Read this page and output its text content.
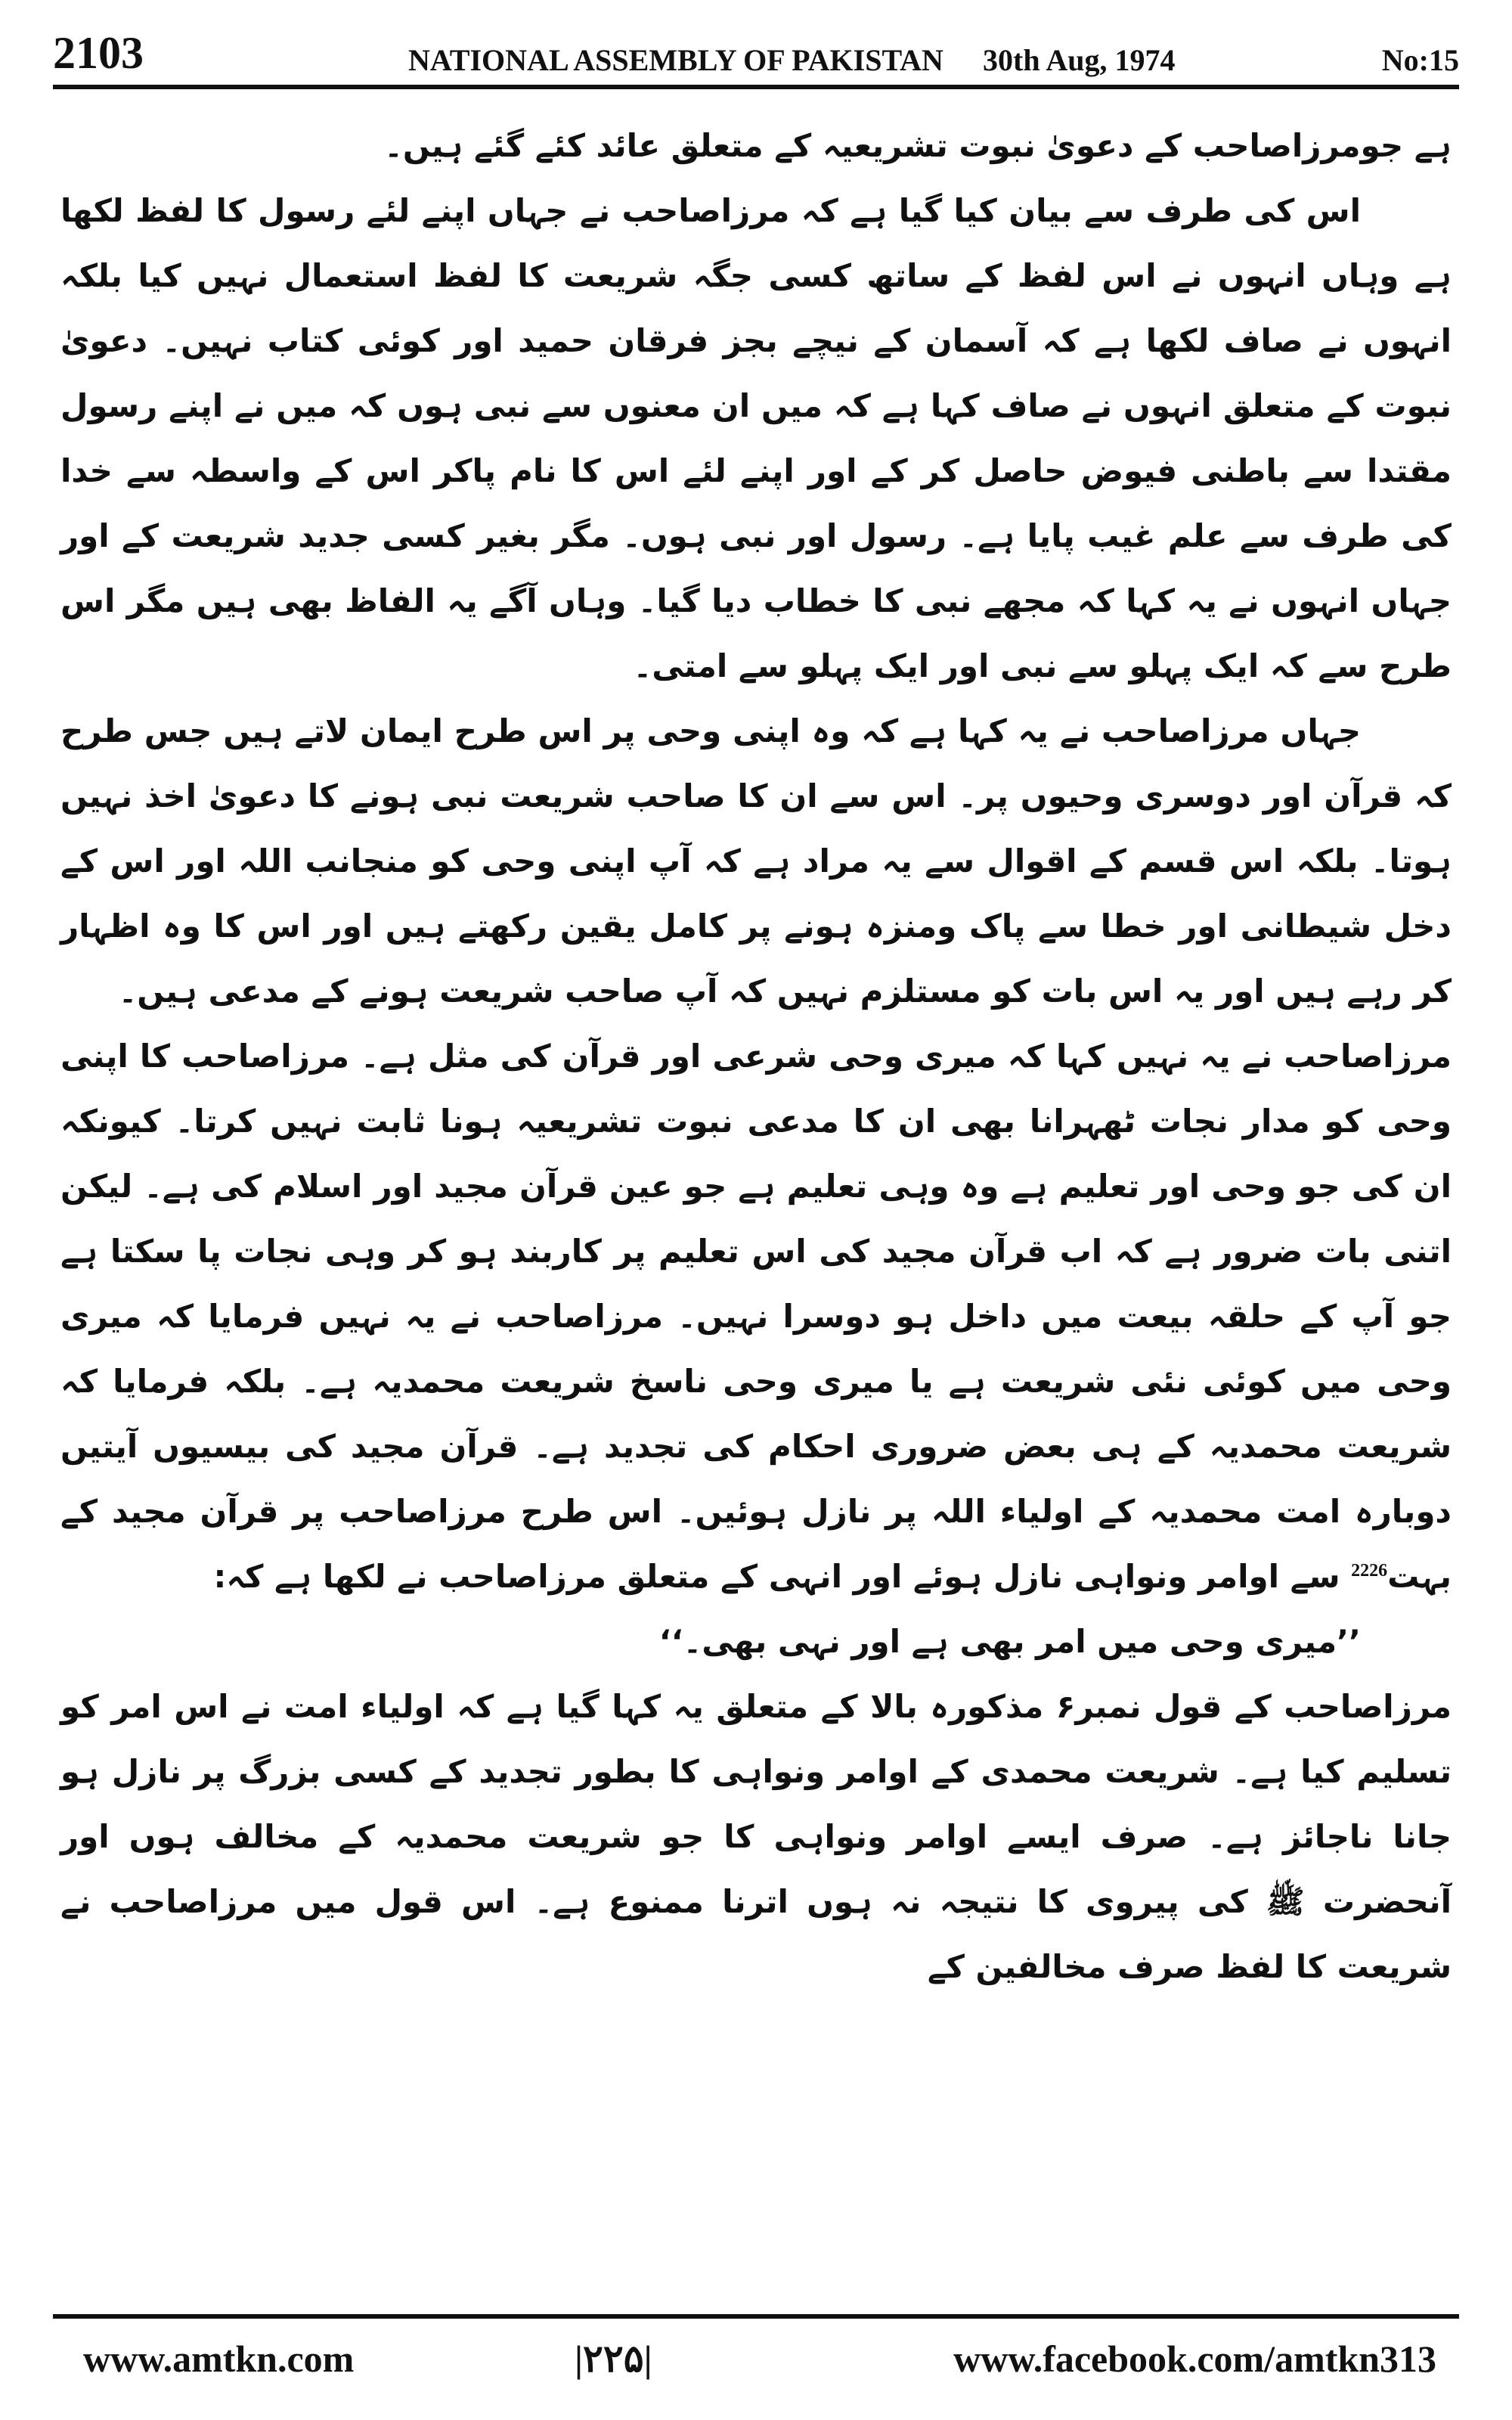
2103	NATIONAL ASSEMBLY OF PAKISTAN 30th Aug, 1974	No:15

ہے جومرزاصاحب کے دعویٰ نبوت تشریعیہ کے متعلق عائد کئے گئے ہیں۔

اس کی طرف سے بیان کیا گیا ہے کہ مرزاصاحب نے جہاں اپنے لئے رسول کا لفظ لکھا ہے وہاں انہوں نے اس لفظ کے ساتھ کسی جگہ شریعت کا لفظ استعمال نہیں کیا بلکہ انہوں نے صاف لکھا ہے کہ آسمان کے نیچے بجز فرقان حمید اور کوئی کتاب نہیں۔ دعویٰ نبوت کے متعلق انہوں نے صاف کہا ہے کہ میں ان معنوں سے نبی ہوں کہ میں نے اپنے رسول مقتدا سے باطنی فیوض حاصل کر کے اور اپنے لئے اس کا نام پاکر اس کے واسطہ سے خدا کی طرف سے علم غیب پایا ہے۔ رسول اور نبی ہوں۔ مگر بغیر کسی جدید شریعت کے اور جہاں انہوں نے یہ کہا کہ مجھے نبی کا خطاب دیا گیا۔ وہاں آگے یہ الفاظ بھی ہیں مگر اس طرح سے کہ ایک پہلو سے نبی اور ایک پہلو سے امتی۔

جہاں مرزاصاحب نے یہ کہا ہے کہ وہ اپنی وحی پر اس طرح ایمان لاتے ہیں جس طرح کہ قرآن اور دوسری وحیوں پر۔ اس سے ان کا صاحب شریعت نبی ہونے کا دعویٰ اخذ نہیں ہوتا۔ بلکہ اس قسم کے اقوال سے یہ مراد ہے کہ آپ اپنی وحی کو منجانب اللہ اور اس کے دخل شیطانی اور خطا سے پاک ومنزہ ہونے پر کامل یقین رکھتے ہیں اور اس کا وہ اظہار کر رہے ہیں اور یہ اس بات کو مستلزم نہیں کہ آپ صاحب شریعت ہونے کے مدعی ہیں۔

مرزاصاحب نے یہ نہیں کہا کہ میری وحی شرعی اور قرآن کی مثل ہے۔ مرزاصاحب کا اپنی وحی کو مدار نجات ٹھہرانا بھی ان کا مدعی نبوت تشریعیہ ہونا ثابت نہیں کرتا۔ کیونکہ ان کی جو وحی اور تعلیم ہے وہ وہی تعلیم ہے جو عین قرآن مجید اور اسلام کی ہے۔ لیکن اتنی بات ضرور ہے کہ اب قرآن مجید کی اس تعلیم پر کاربند ہو کر وہی نجات پا سکتا ہے جو آپ کے حلقہ بیعت میں داخل ہو دوسرا نہیں۔ مرزاصاحب نے یہ نہیں فرمایا کہ میری وحی میں کوئی نئی شریعت ہے یا میری وحی ناسخ شریعت محمدیہ ہے۔ بلکہ فرمایا کہ شریعت محمدیہ کے ہی بعض ضروری احکام کی تجدید ہے۔ قرآن مجید کی بیسیوں آیتیں دوبارہ امت محمدیہ کے اولیاء اللہ پر نازل ہوئیں۔ اس طرح مرزاصاحب پر قرآن مجید کے بہت$^{2226}$ سے اوامر ونواہی نازل ہوئے اور انہی کے متعلق مرزاصاحب نے لکھا ہے کہ:

’’میری وحی میں امر بھی ہے اور نہی بھی۔‘‘

مرزاصاحب کے قول نمبر۶ مذکورہ بالا کے متعلق یہ کہا گیا ہے کہ اولیاء امت نے اس امر کو تسلیم کیا ہے۔ شریعت محمدی کے اوامر ونواہی کا بطور تجدید کے کسی بزرگ پر نازل ہو جانا ناجائز ہے۔ صرف ایسے اوامر ونواہی کا جو شریعت محمدیہ کے مخالف ہوں اور آنحضرت ﷺ کی پیروی کا نتیجہ نہ ہوں اترنا ممنوع ہے۔ اس قول میں مرزاصاحب نے شریعت کا لفظ صرف مخالفین کے

www.amtkn.com	|۲۲۵|	www.facebook.com/amtkn313
